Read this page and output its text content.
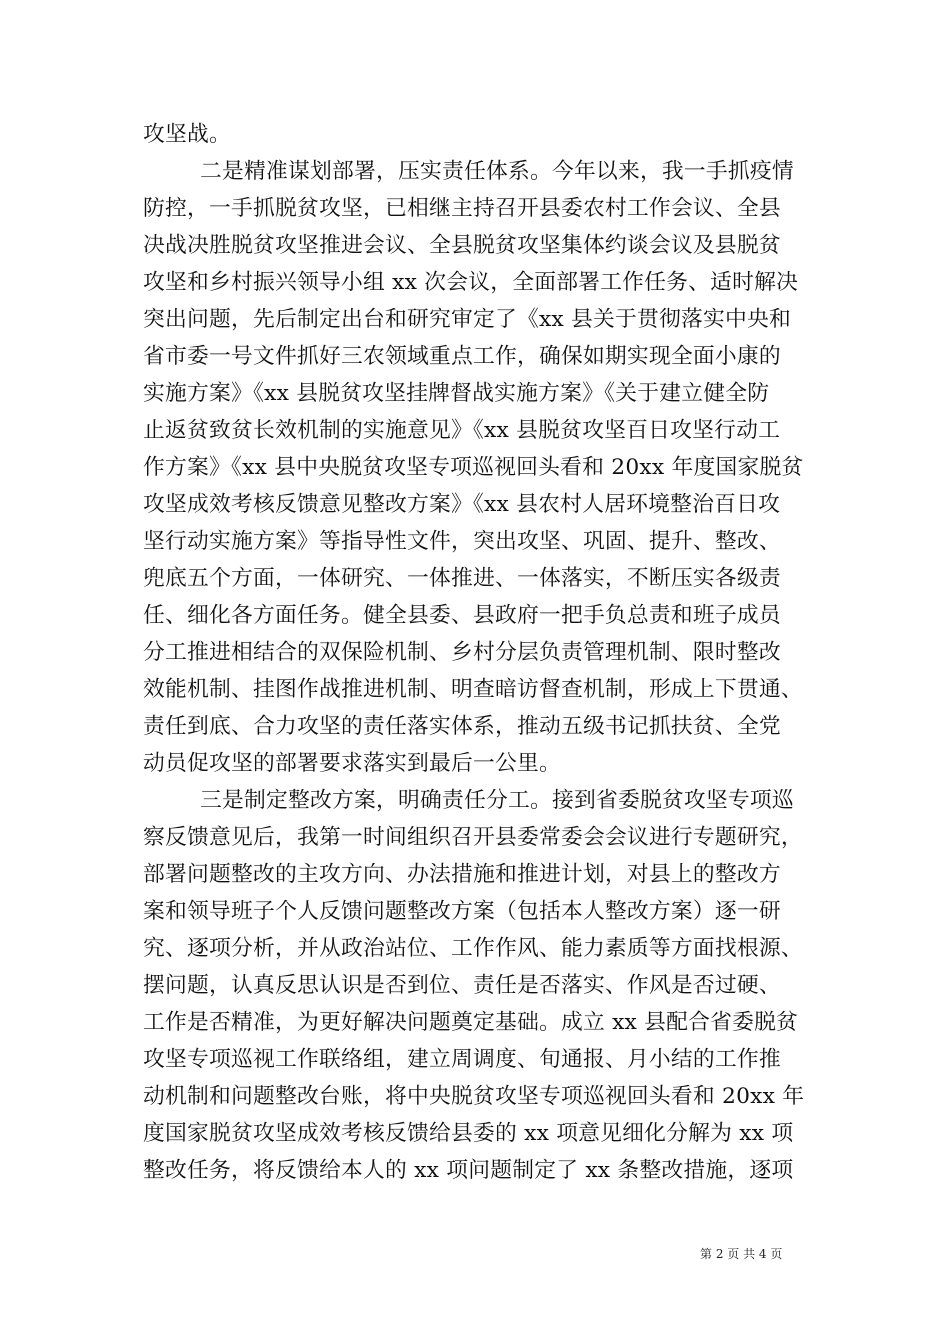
攻坚战。
二是精准谋划部署，压实责任体系。今年以来，我一手抓疫情
防控，一手抓脱贫攻坚，已相继主持召开县委农村工作会议、全县
决战决胜脱贫攻坚推进会议、全县脱贫攻坚集体约谈会议及县脱贫
攻坚和乡村振兴领导小组 xx 次会议，全面部署工作任务、适时解决
突出问题，先后制定出台和研究审定了《xx 县关于贯彻落实中央和
省市委一号文件抓好三农领域重点工作，确保如期实现全面小康的
实施方案》《xx 县脱贫攻坚挂牌督战实施方案》《关于建立健全防
止返贫致贫长效机制的实施意见》《xx 县脱贫攻坚百日攻坚行动工
作方案》《xx 县中央脱贫攻坚专项巡视回头看和 20xx 年度国家脱贫
攻坚成效考核反馈意见整改方案》《xx 县农村人居环境整治百日攻
坚行动实施方案》等指导性文件，突出攻坚、巩固、提升、整改、
兜底五个方面，一体研究、一体推进、一体落实，不断压实各级责
任、细化各方面任务。健全县委、县政府一把手负总责和班子成员
分工推进相结合的双保险机制、乡村分层负责管理机制、限时整改
效能机制、挂图作战推进机制、明查暗访督查机制，形成上下贯通、
责任到底、合力攻坚的责任落实体系，推动五级书记抓扶贫、全党
动员促攻坚的部署要求落实到最后一公里。
三是制定整改方案，明确责任分工。接到省委脱贫攻坚专项巡
察反馈意见后，我第一时间组织召开县委常委会会议进行专题研究，
部署问题整改的主攻方向、办法措施和推进计划，对县上的整改方
案和领导班子个人反馈问题整改方案（包括本人整改方案）逐一研
究、逐项分析，并从政治站位、工作作风、能力素质等方面找根源、
摆问题，认真反思认识是否到位、责任是否落实、作风是否过硬、
工作是否精准，为更好解决问题奠定基础。成立 xx 县配合省委脱贫
攻坚专项巡视工作联络组，建立周调度、旬通报、月小结的工作推
动机制和问题整改台账，将中央脱贫攻坚专项巡视回头看和 20xx 年
度国家脱贫攻坚成效考核反馈给县委的 xx 项意见细化分解为 xx 项
整改任务，将反馈给本人的 xx 项问题制定了 xx 条整改措施，逐项
第 2 页 共 4 页
